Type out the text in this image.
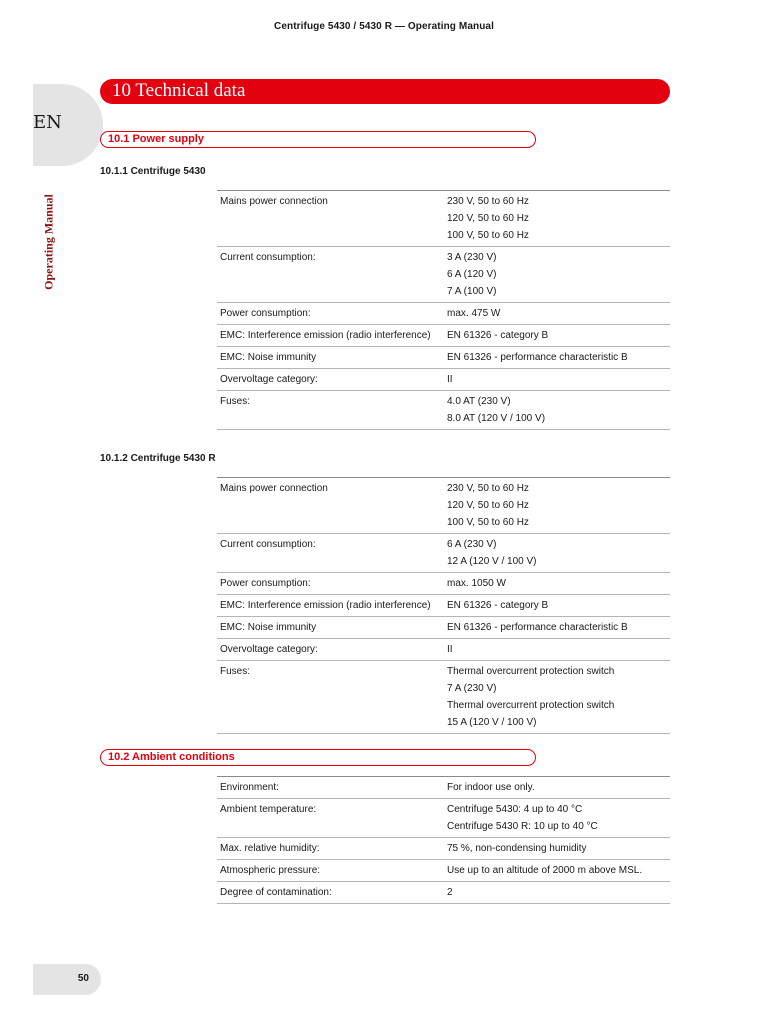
Centrifuge 5430 / 5430 R — Operating Manual
EN
Operating Manual
10 Technical data
10.1 Power supply
10.1.1 Centrifuge 5430
Mains power connection	230 V, 50 to 60 Hz
120 V, 50 to 60 Hz
100 V, 50 to 60 Hz

Current consumption:	3 A (230 V)
6 A (120 V)
7 A (100 V)

Power consumption:	max. 475 W

EMC: Interference emission (radio interference)	EN 61326 - category B

EMC: Noise immunity	EN 61326 - performance characteristic B

Overvoltage category:	II

Fuses:	4.0 AT (230 V)
8.0 AT (120 V / 100 V)
10.1.2 Centrifuge 5430 R
Mains power connection	230 V, 50 to 60 Hz
120 V, 50 to 60 Hz
100 V, 50 to 60 Hz

Current consumption:	6 A (230 V)
12 A (120 V / 100 V)

Power consumption:	max. 1050 W

EMC: Interference emission (radio interference)	EN 61326 - category B

EMC: Noise immunity	EN 61326 - performance characteristic B

Overvoltage category:	II

Fuses:	Thermal overcurrent protection switch
7 A (230 V)
Thermal overcurrent protection switch
15 A (120 V / 100 V)
10.2 Ambient conditions
Environment:	For indoor use only.

Ambient temperature:	Centrifuge 5430: 4 up to 40 °C
Centrifuge 5430 R: 10 up to 40 °C

Max. relative humidity:	75 %, non-condensing humidity

Atmospheric pressure:	Use up to an altitude of 2000 m above MSL.

Degree of contamination:	2
50
